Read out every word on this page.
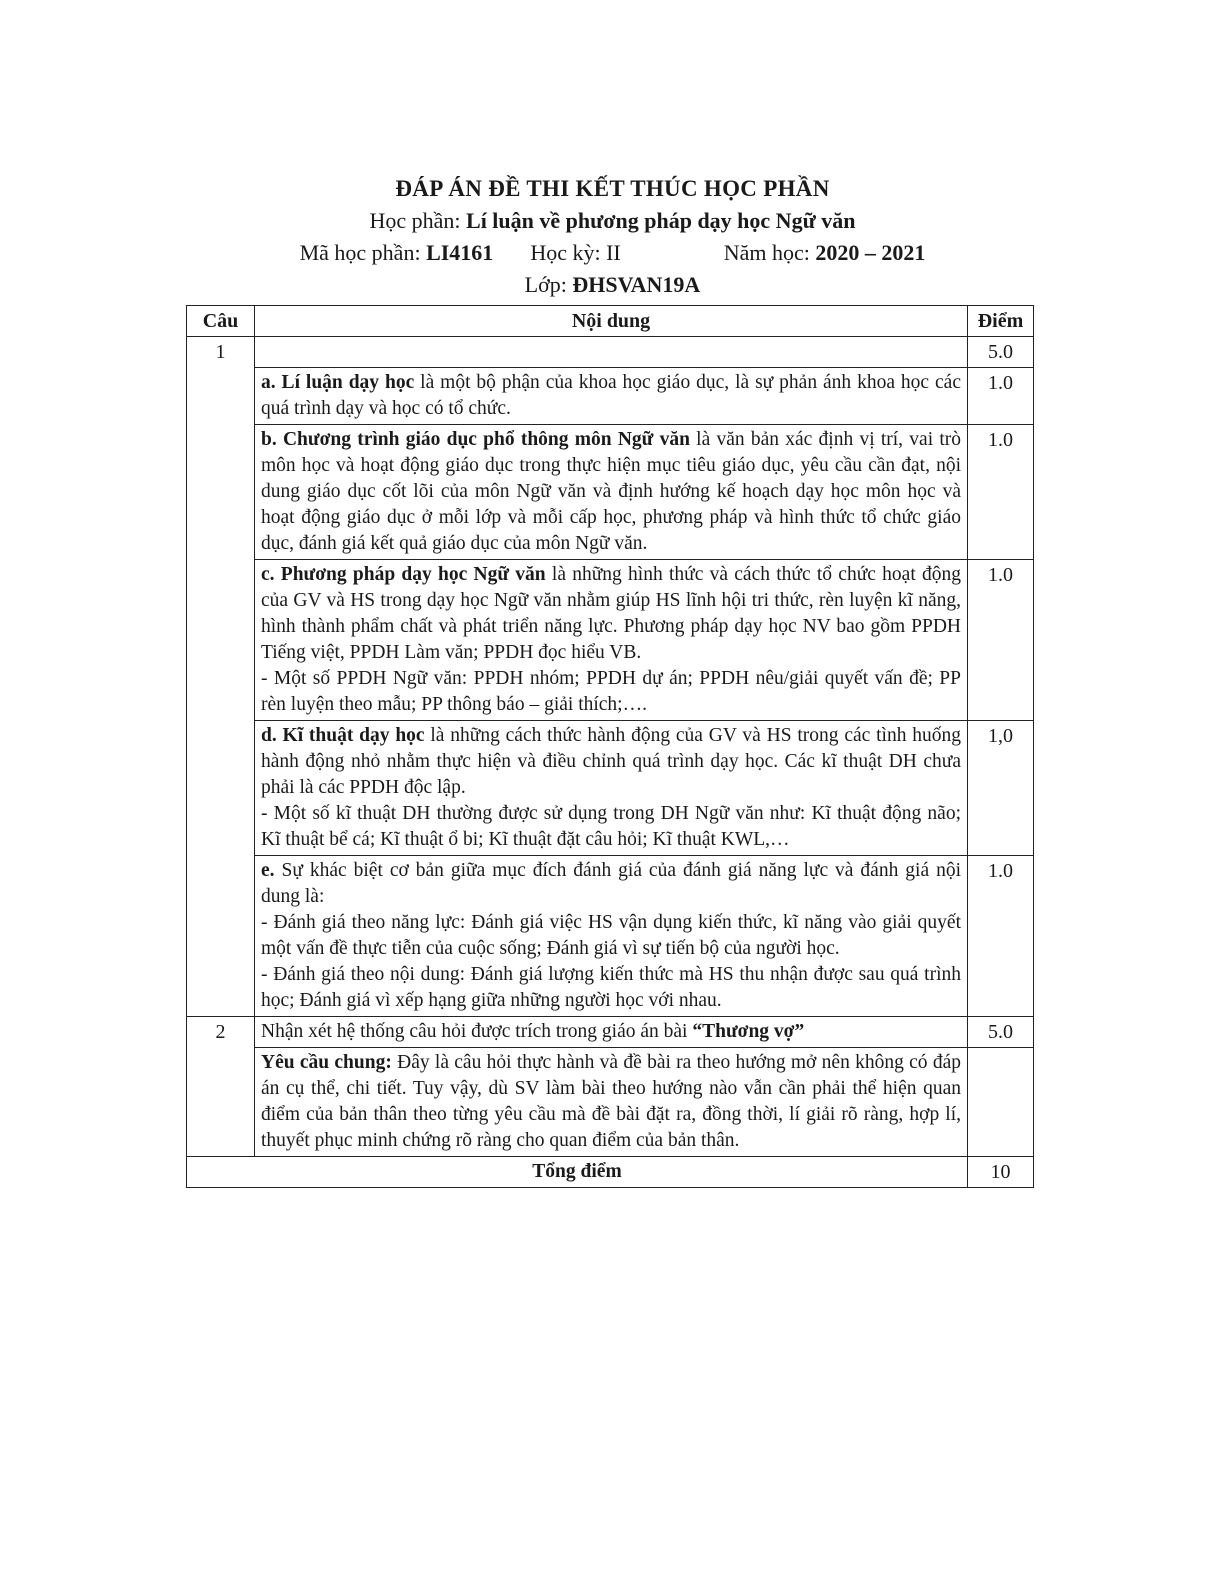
ĐÁP ÁN ĐỀ THI KẾT THÚC HỌC PHẦN
Học phần: Lí luận về phương pháp dạy học Ngữ văn
Mã học phần: LI4161 Học kỳ: II	Năm học: 2020 – 2021
Lớp: ĐHSVAN19A
Câu	Nội dung	Điểm
1		5.0
	a. Lí luận dạy học là một bộ phận của khoa học giáo dục, là sự phản ánh khoa học các quá trình dạy và học có tổ chức.	1.0
	b. Chương trình giáo dục phổ thông môn Ngữ văn là văn bản xác định vị trí, vai trò môn học và hoạt động giáo dục trong thực hiện mục tiêu giáo dục, yêu cầu cần đạt, nội dung giáo dục cốt lõi của môn Ngữ văn và định hướng kế hoạch dạy học môn học và hoạt động giáo dục ở mỗi lớp và mỗi cấp học, phương pháp và hình thức tổ chức giáo dục, đánh giá kết quả giáo dục của môn Ngữ văn.	1.0
	c. Phương pháp dạy học Ngữ văn là những hình thức và cách thức tổ chức hoạt động của GV và HS trong dạy học Ngữ văn nhằm giúp HS lĩnh hội tri thức, rèn luyện kĩ năng, hình thành phẩm chất và phát triển năng lực. Phương pháp dạy học NV bao gồm PPDH Tiếng việt, PPDH Làm văn; PPDH đọc hiểu VB.
- Một số PPDH Ngữ văn: PPDH nhóm; PPDH dự án; PPDH nêu/giải quyết vấn đề; PP rèn luyện theo mẫu; PP thông báo – giải thích;….	1.0
	d. Kĩ thuật dạy học là những cách thức hành động của GV và HS trong các tình huống hành động nhỏ nhằm thực hiện và điều chỉnh quá trình dạy học. Các kĩ thuật DH chưa phải là các PPDH độc lập.
- Một số kĩ thuật DH thường được sử dụng trong DH Ngữ văn như: Kĩ thuật động não; Kĩ thuật bể cá; Kĩ thuật ổ bi; Kĩ thuật đặt câu hỏi; Kĩ thuật KWL,…	1,0
	e. Sự khác biệt cơ bản giữa mục đích đánh giá của đánh giá năng lực và đánh giá nội dung là:
- Đánh giá theo năng lực: Đánh giá việc HS vận dụng kiến thức, kĩ năng vào giải quyết một vấn đề thực tiễn của cuộc sống; Đánh giá vì sự tiến bộ của người học.
- Đánh giá theo nội dung: Đánh giá lượng kiến thức mà HS thu nhận được sau quá trình học; Đánh giá vì xếp hạng giữa những người học với nhau.	1.0
2	Nhận xét hệ thống câu hỏi được trích trong giáo án bài “Thương vợ”	5.0
	Yêu cầu chung: Đây là câu hỏi thực hành và đề bài ra theo hướng mở nên không có đáp án cụ thể, chi tiết. Tuy vậy, dù SV làm bài theo hướng nào vẫn cần phải thể hiện quan điểm của bản thân theo từng yêu cầu mà đề bài đặt ra, đồng thời, lí giải rõ ràng, hợp lí, thuyết phục minh chứng rõ ràng cho quan điểm của bản thân.	
Tổng điểm		10
